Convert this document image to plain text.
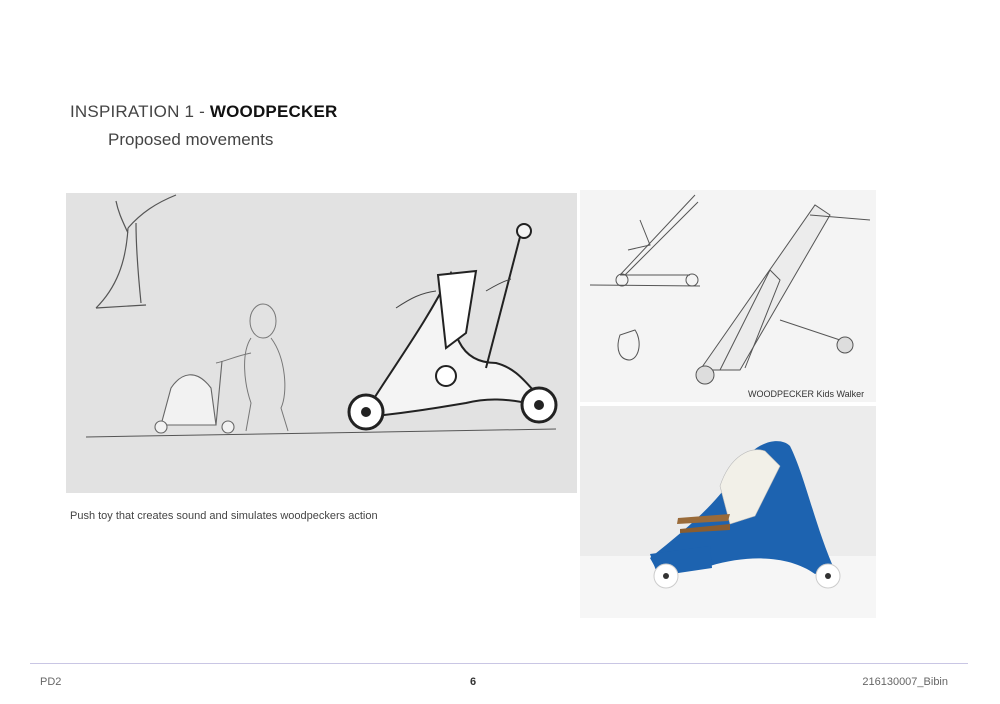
INSPIRATION 1 - WOODPECKER
Proposed movements
WOODPECKER Kids Walker
Push toy that creates sound and simulates woodpeckers action
PD2	6	216130007_Bibin
